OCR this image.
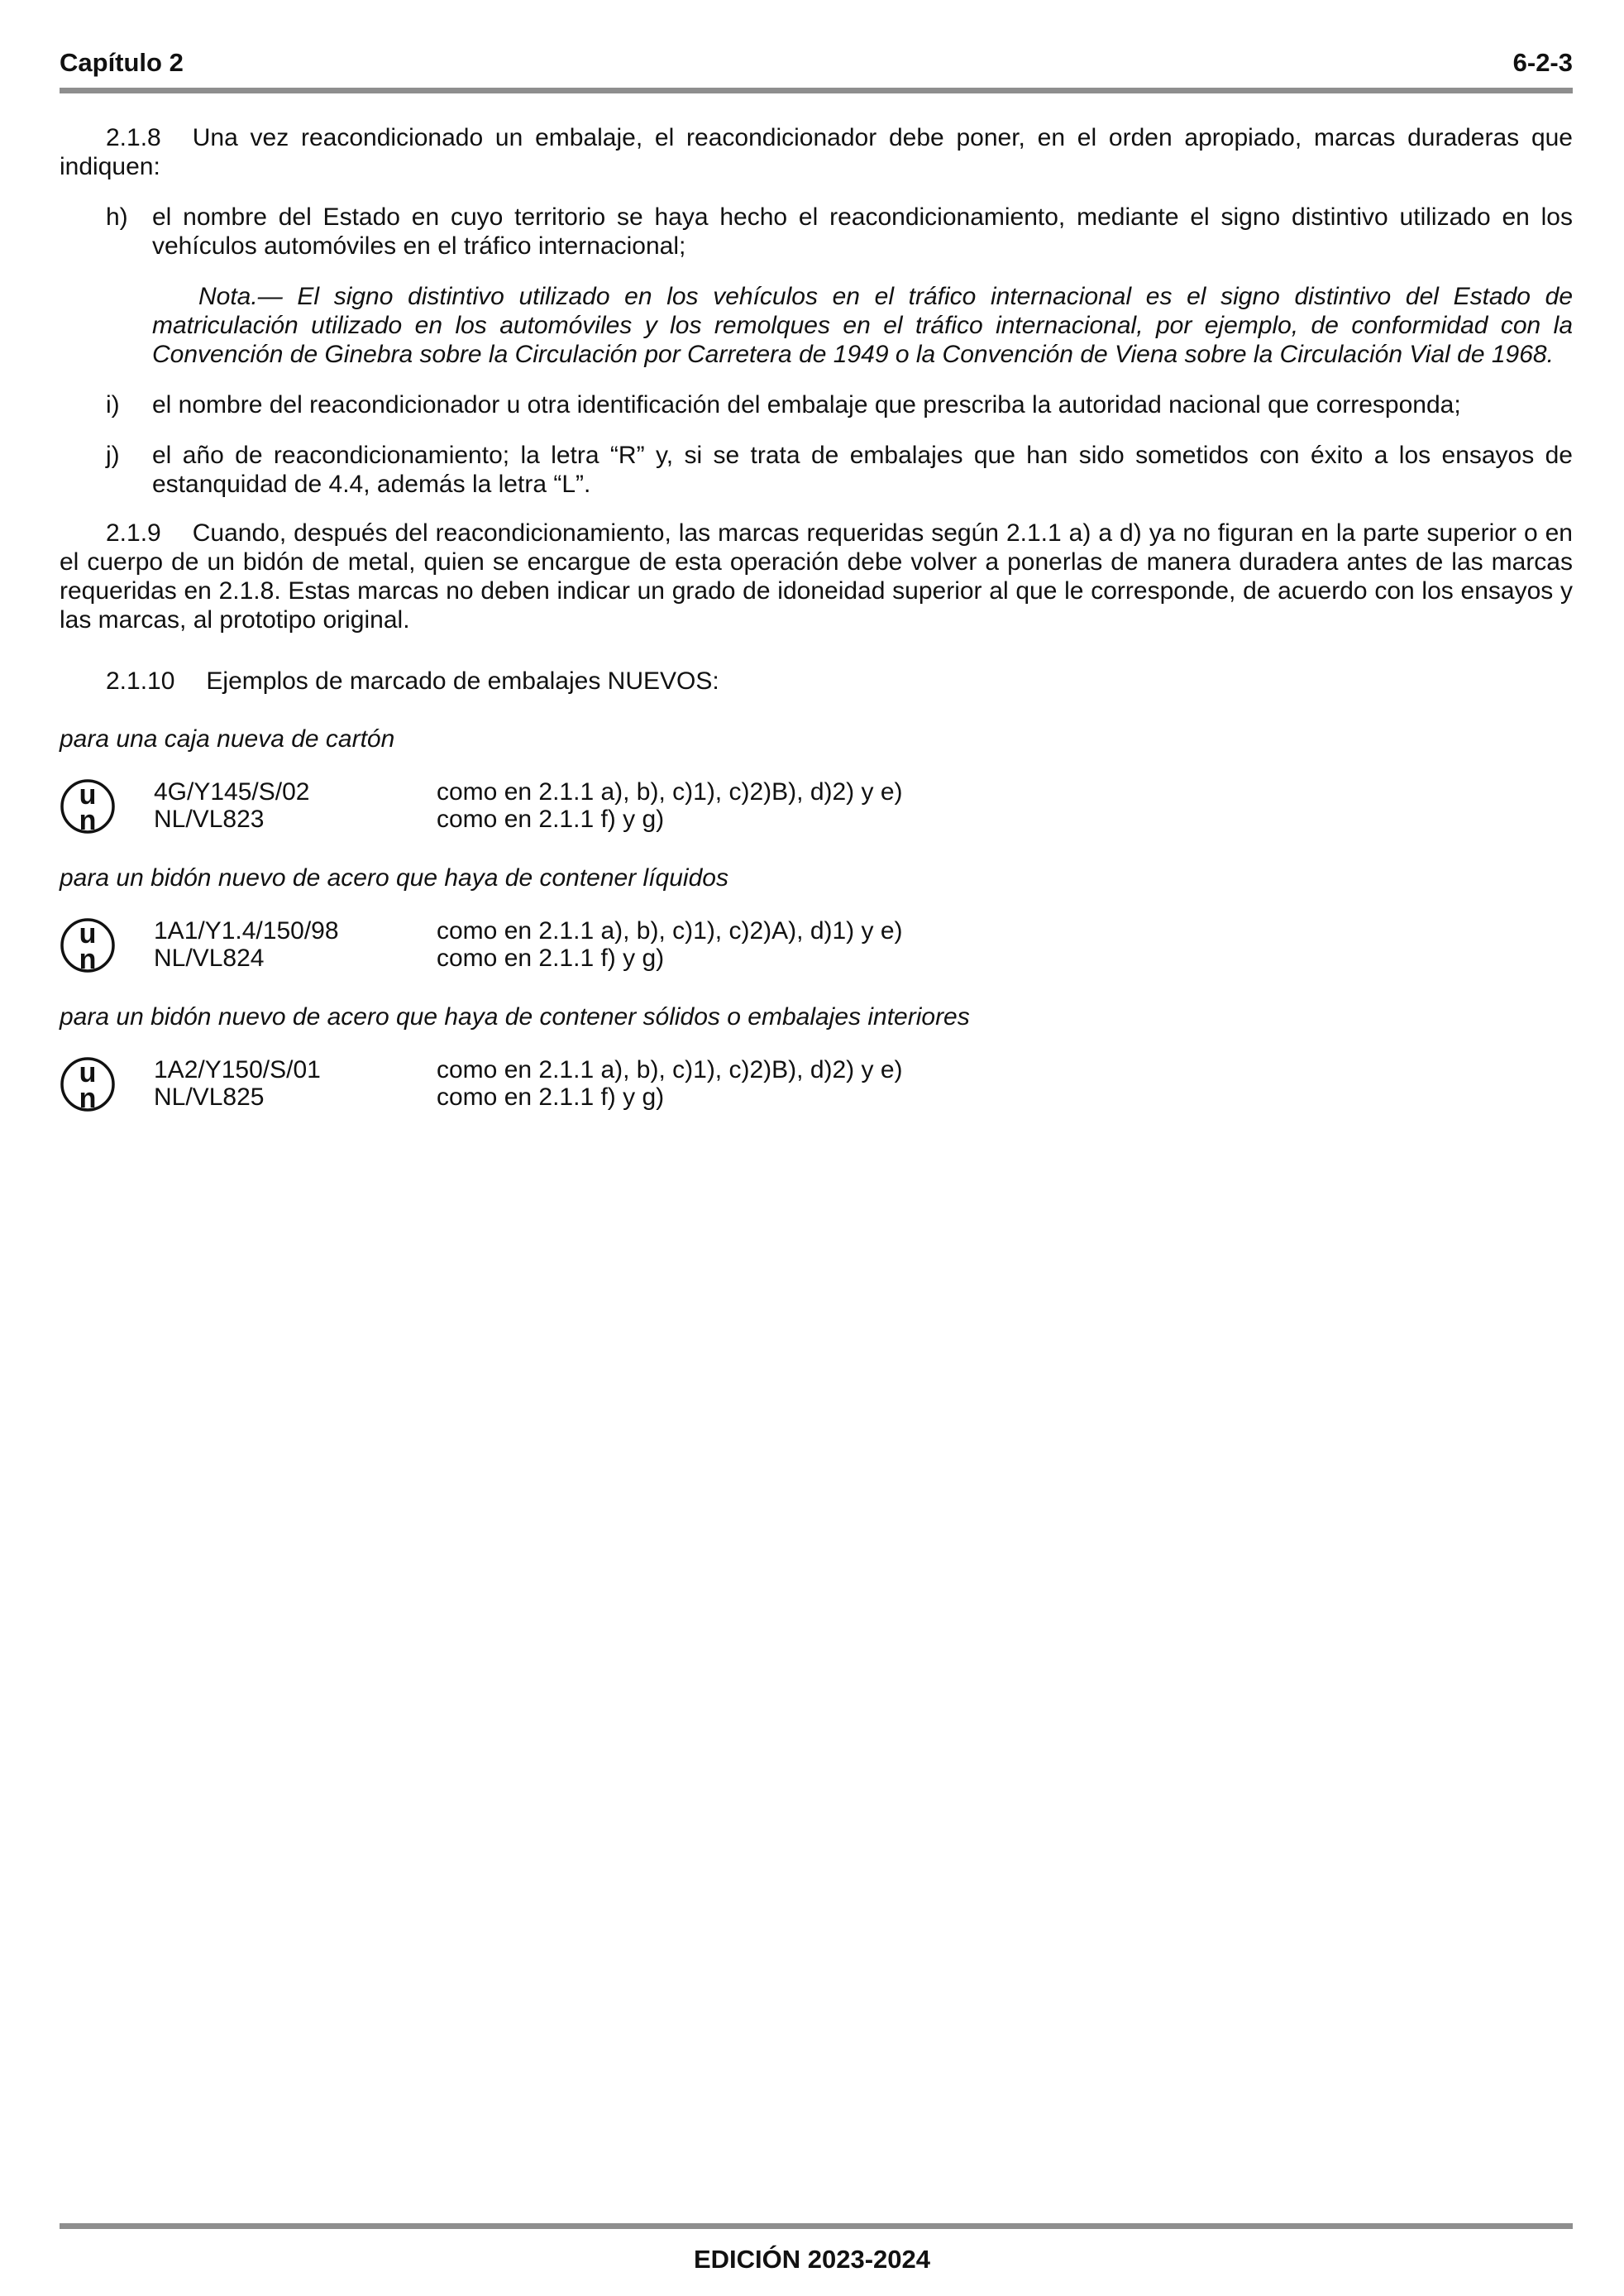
Capítulo 2	6-2-3

2.1.8 Una vez reacondicionado un embalaje, el reacondicionador debe poner, en el orden apropiado, marcas duraderas que indiquen:

h) el nombre del Estado en cuyo territorio se haya hecho el reacondicionamiento, mediante el signo distintivo utilizado en los vehículos automóviles en el tráfico internacional;

Nota.— El signo distintivo utilizado en los vehículos en el tráfico internacional es el signo distintivo del Estado de matriculación utilizado en los automóviles y los remolques en el tráfico internacional, por ejemplo, de conformidad con la Convención de Ginebra sobre la Circulación por Carretera de 1949 o la Convención de Viena sobre la Circulación Vial de 1968.

i)	el nombre del reacondicionador u otra identificación del embalaje que prescriba la autoridad nacional que corresponda;
j)	el año de reacondicionamiento; la letra “R” y, si se trata de embalajes que han sido sometidos con éxito a los ensayos de estanquidad de 4.4, además la letra “L”.

2.1.9 Cuando, después del reacondicionamiento, las marcas requeridas según 2.1.1 a) a d) ya no figuran en la parte superior o en el cuerpo de un bidón de metal, quien se encargue de esta operación debe volver a ponerlas de manera duradera antes de las marcas requeridas en 2.1.8. Estas marcas no deben indicar un grado de idoneidad superior al que le corresponde, de acuerdo con los ensayos y las marcas, al prototipo original.

2.1.10 Ejemplos de marcado de embalajes NUEVOS:
para una caja nueva de cartón
u
n
4G/Y145/S/02	como en 2.1.1 a), b), c)1), c)2)B), d)2) y e)
NL/VL823	como en 2.1.1 f) y g)
para un bidón nuevo de acero que haya de contener líquidos
u
n
1A1/Y1.4/150/98	como en 2.1.1 a), b), c)1), c)2)A), d)1) y e)
NL/VL824	como en 2.1.1 f) y g)
para un bidón nuevo de acero que haya de contener sólidos o embalajes interiores
u
n
1A2/Y150/S/01	como en 2.1.1 a), b), c)1), c)2)B), d)2) y e)
NL/VL825	como en 2.1.1 f) y g)
EDICIÓN 2023-2024
